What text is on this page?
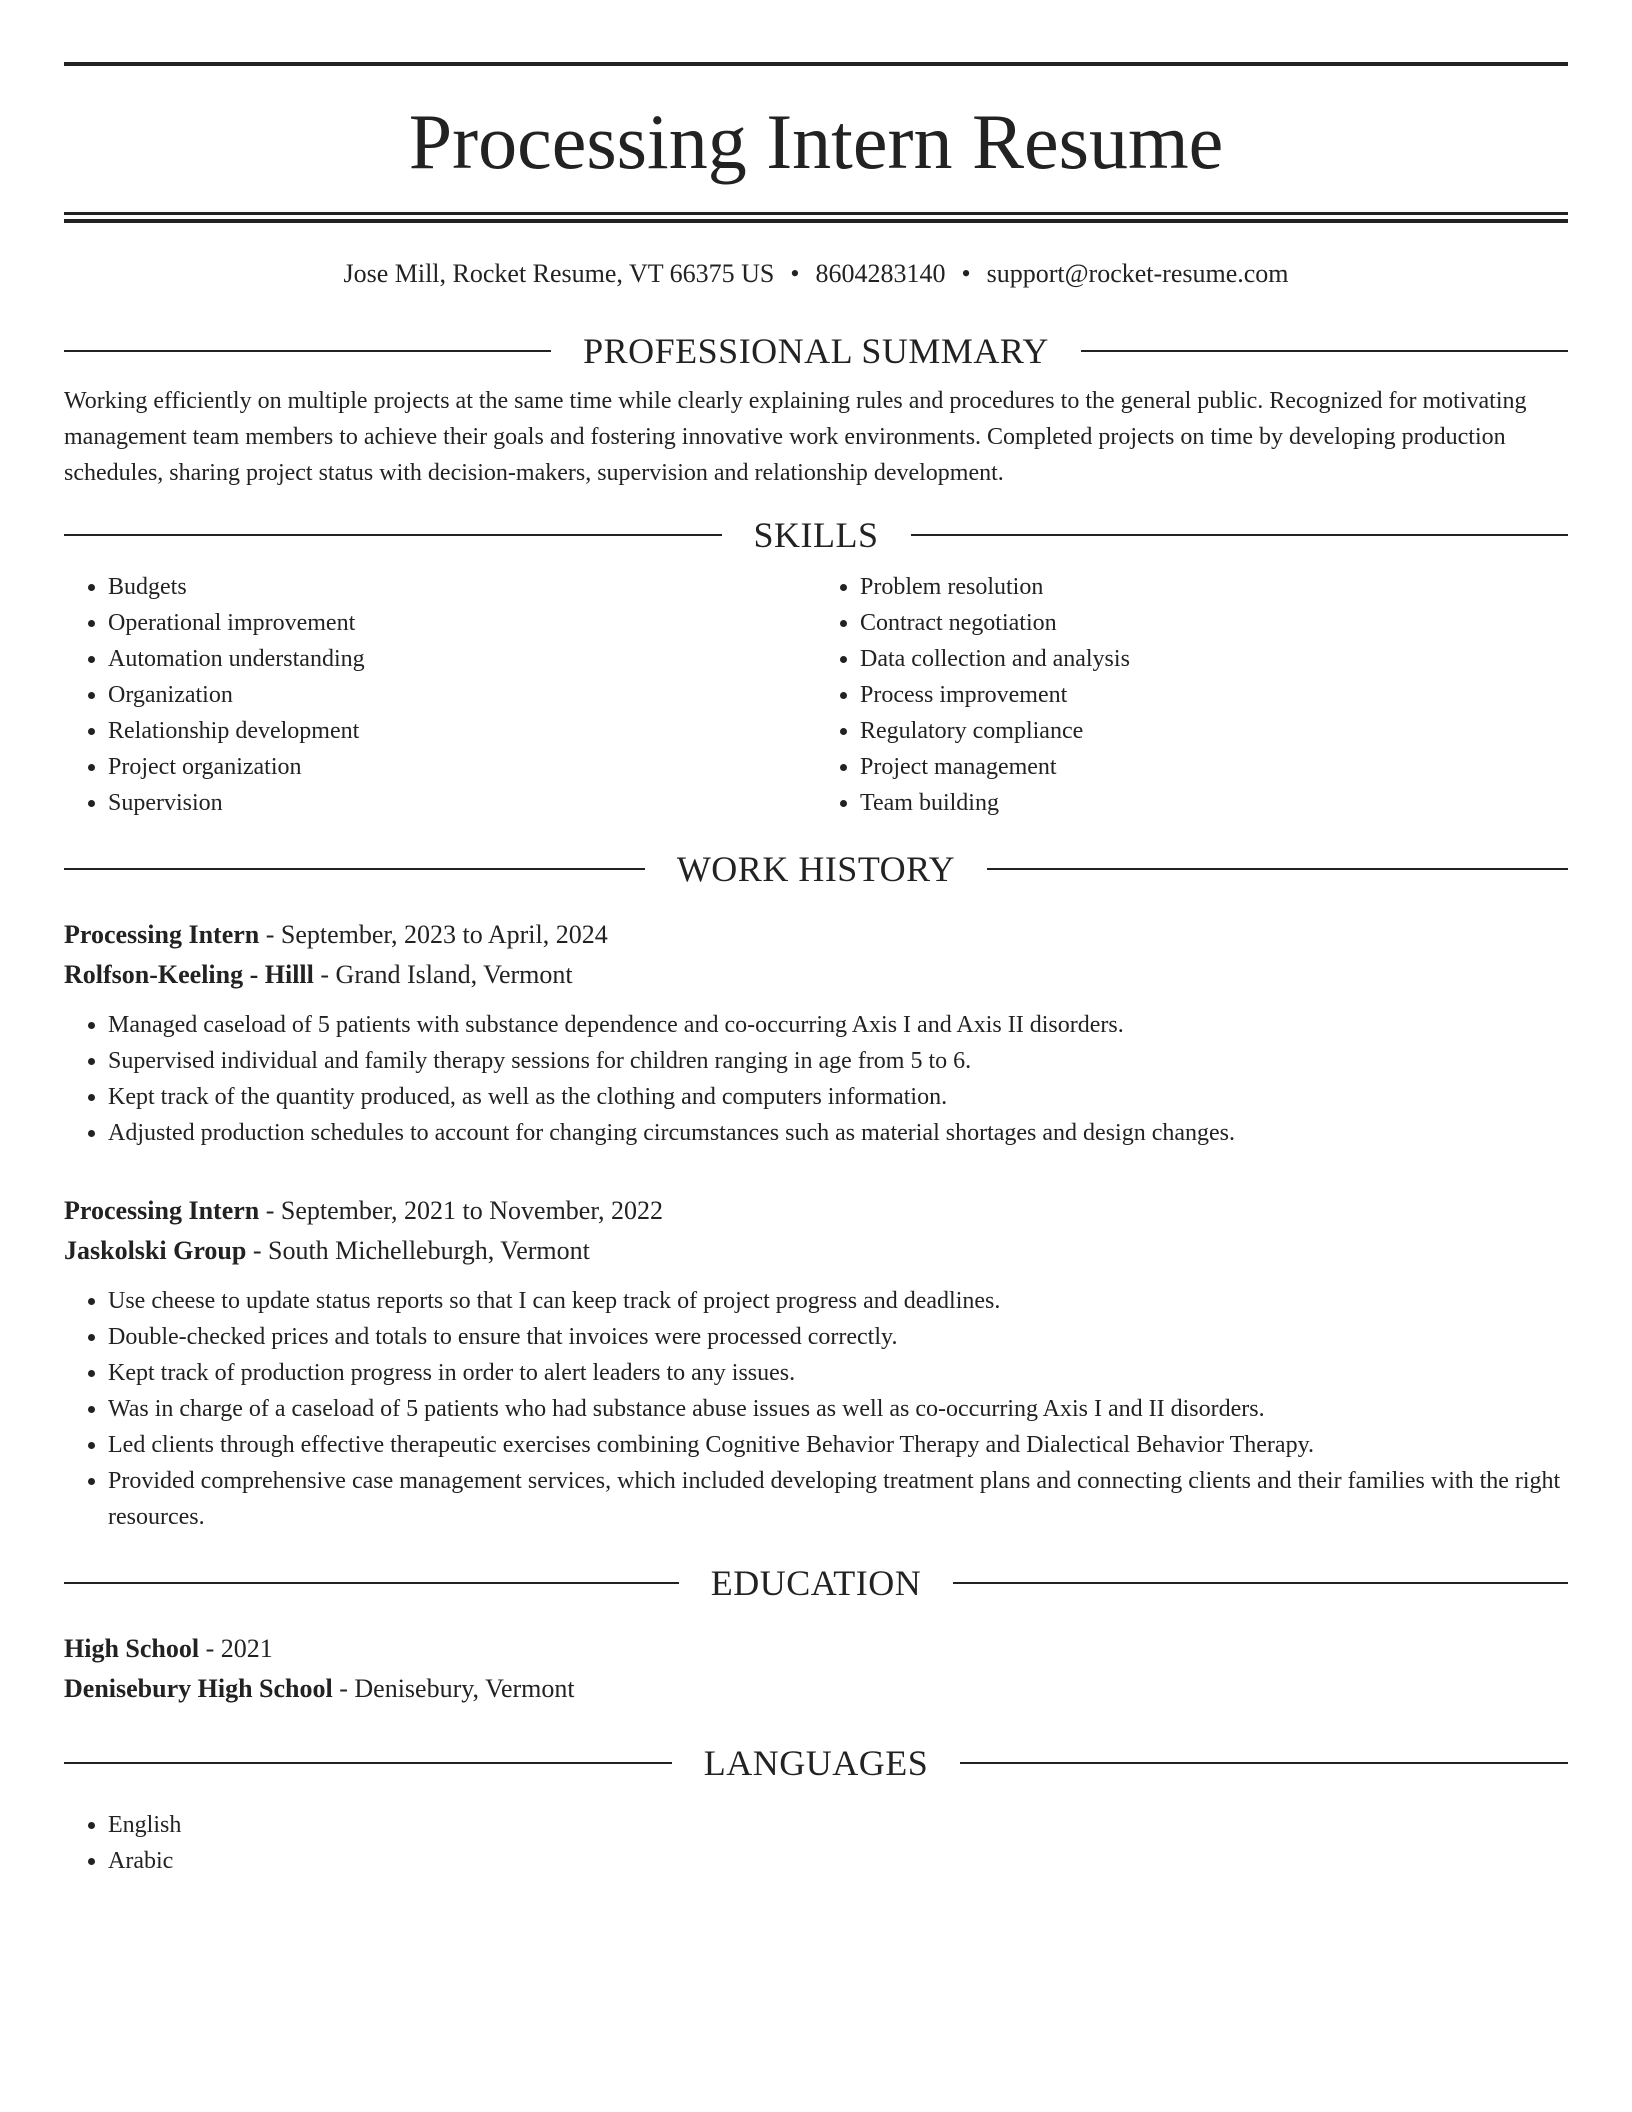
Processing Intern Resume
Jose Mill, Rocket Resume, VT 66375 US • 8604283140 • support@rocket-resume.com
PROFESSIONAL SUMMARY

Working efficiently on multiple projects at the same time while clearly explaining rules and procedures to the general public. Recognized for motivating management team members to achieve their goals and fostering innovative work environments. Completed projects on time by developing production schedules, sharing project status with decision-makers, supervision and relationship development.

SKILLS
• Budgets
• Operational improvement
• Automation understanding
• Organization
• Relationship development
• Project organization
• Supervision
• Problem resolution
• Contract negotiation
• Data collection and analysis
• Process improvement
• Regulatory compliance
• Project management
• Team building
WORK HISTORY
Processing Intern - September, 2023 to April, 2024
Rolfson-Keeling - Hilll - Grand Island, Vermont
• Managed caseload of 5 patients with substance dependence and co-occurring Axis I and Axis II disorders.
• Supervised individual and family therapy sessions for children ranging in age from 5 to 6.
• Kept track of the quantity produced, as well as the clothing and computers information.
• Adjusted production schedules to account for changing circumstances such as material shortages and design changes.
Processing Intern - September, 2021 to November, 2022
Jaskolski Group - South Michelleburgh, Vermont
• Use cheese to update status reports so that I can keep track of project progress and deadlines.
• Double-checked prices and totals to ensure that invoices were processed correctly.
• Kept track of production progress in order to alert leaders to any issues.
• Was in charge of a caseload of 5 patients who had substance abuse issues as well as co-occurring Axis I and II disorders.
• Led clients through effective therapeutic exercises combining Cognitive Behavior Therapy and Dialectical Behavior Therapy.
• Provided comprehensive case management services, which included developing treatment plans and connecting clients and their families with the right resources.
EDUCATION
High School - 2021
Denisebury High School - Denisebury, Vermont
LANGUAGES
• English
• Arabic
